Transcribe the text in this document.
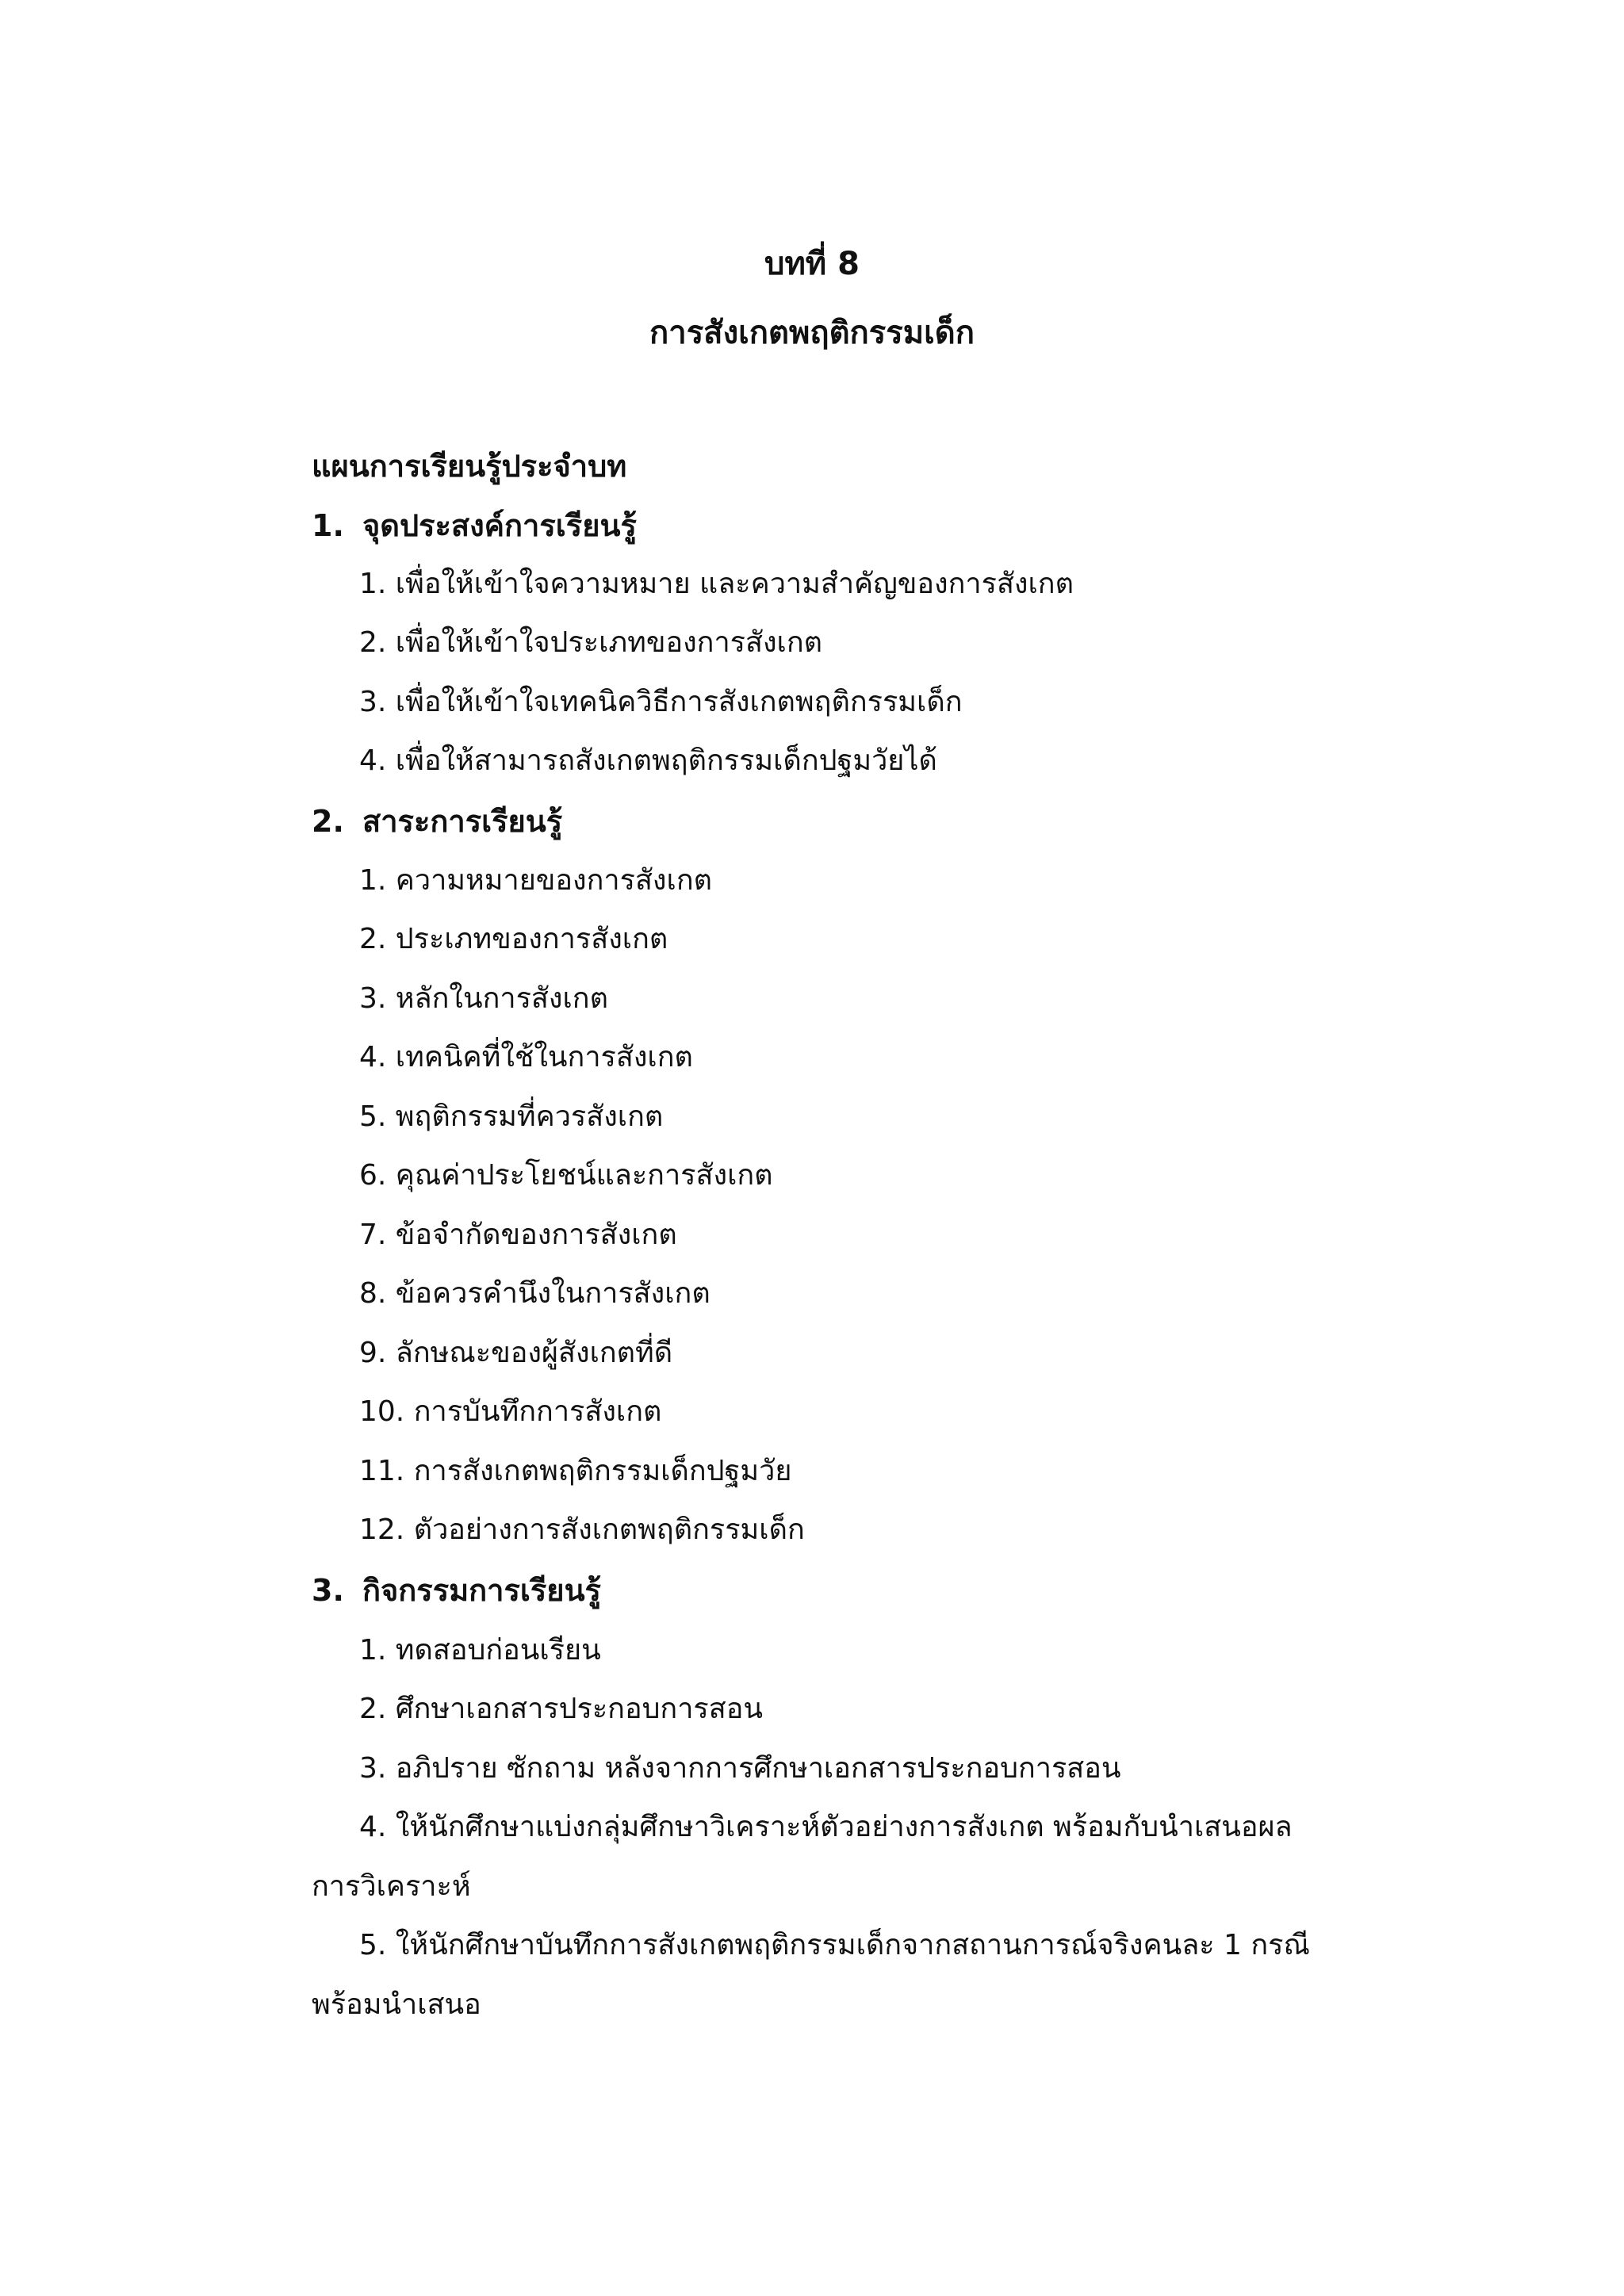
บทที่ 8
การสังเกตพฤติกรรมเด็ก
แผนการเรียนรู้ประจำบท
1. จุดประสงค์การเรียนรู้
1. เพื่อให้เข้าใจความหมาย และความสำคัญของการสังเกต
2. เพื่อให้เข้าใจประเภทของการสังเกต
3. เพื่อให้เข้าใจเทคนิควิธีการสังเกตพฤติกรรมเด็ก
4. เพื่อให้สามารถสังเกตพฤติกรรมเด็กปฐมวัยได้
2. สาระการเรียนรู้
1. ความหมายของการสังเกต
2. ประเภทของการสังเกต
3. หลักในการสังเกต
4. เทคนิคที่ใช้ในการสังเกต
5. พฤติกรรมที่ควรสังเกต
6. คุณค่าประโยชน์และการสังเกต
7. ข้อจำกัดของการสังเกต
8. ข้อควรคำนึงในการสังเกต
9. ลักษณะของผู้สังเกตที่ดี
10. การบันทึกการสังเกต
11. การสังเกตพฤติกรรมเด็กปฐมวัย
12. ตัวอย่างการสังเกตพฤติกรรมเด็ก
3. กิจกรรมการเรียนรู้
1. ทดสอบก่อนเรียน
2. ศึกษาเอกสารประกอบการสอน
3. อภิปราย ซักถาม หลังจากการศึกษาเอกสารประกอบการสอน
4. ให้นักศึกษาแบ่งกลุ่มศึกษาวิเคราะห์ตัวอย่างการสังเกต พร้อมกับนำเสนอผล
การวิเคราะห์
5. ให้นักศึกษาบันทึกการสังเกตพฤติกรรมเด็กจากสถานการณ์จริงคนละ 1 กรณี
พร้อมนำเสนอ
